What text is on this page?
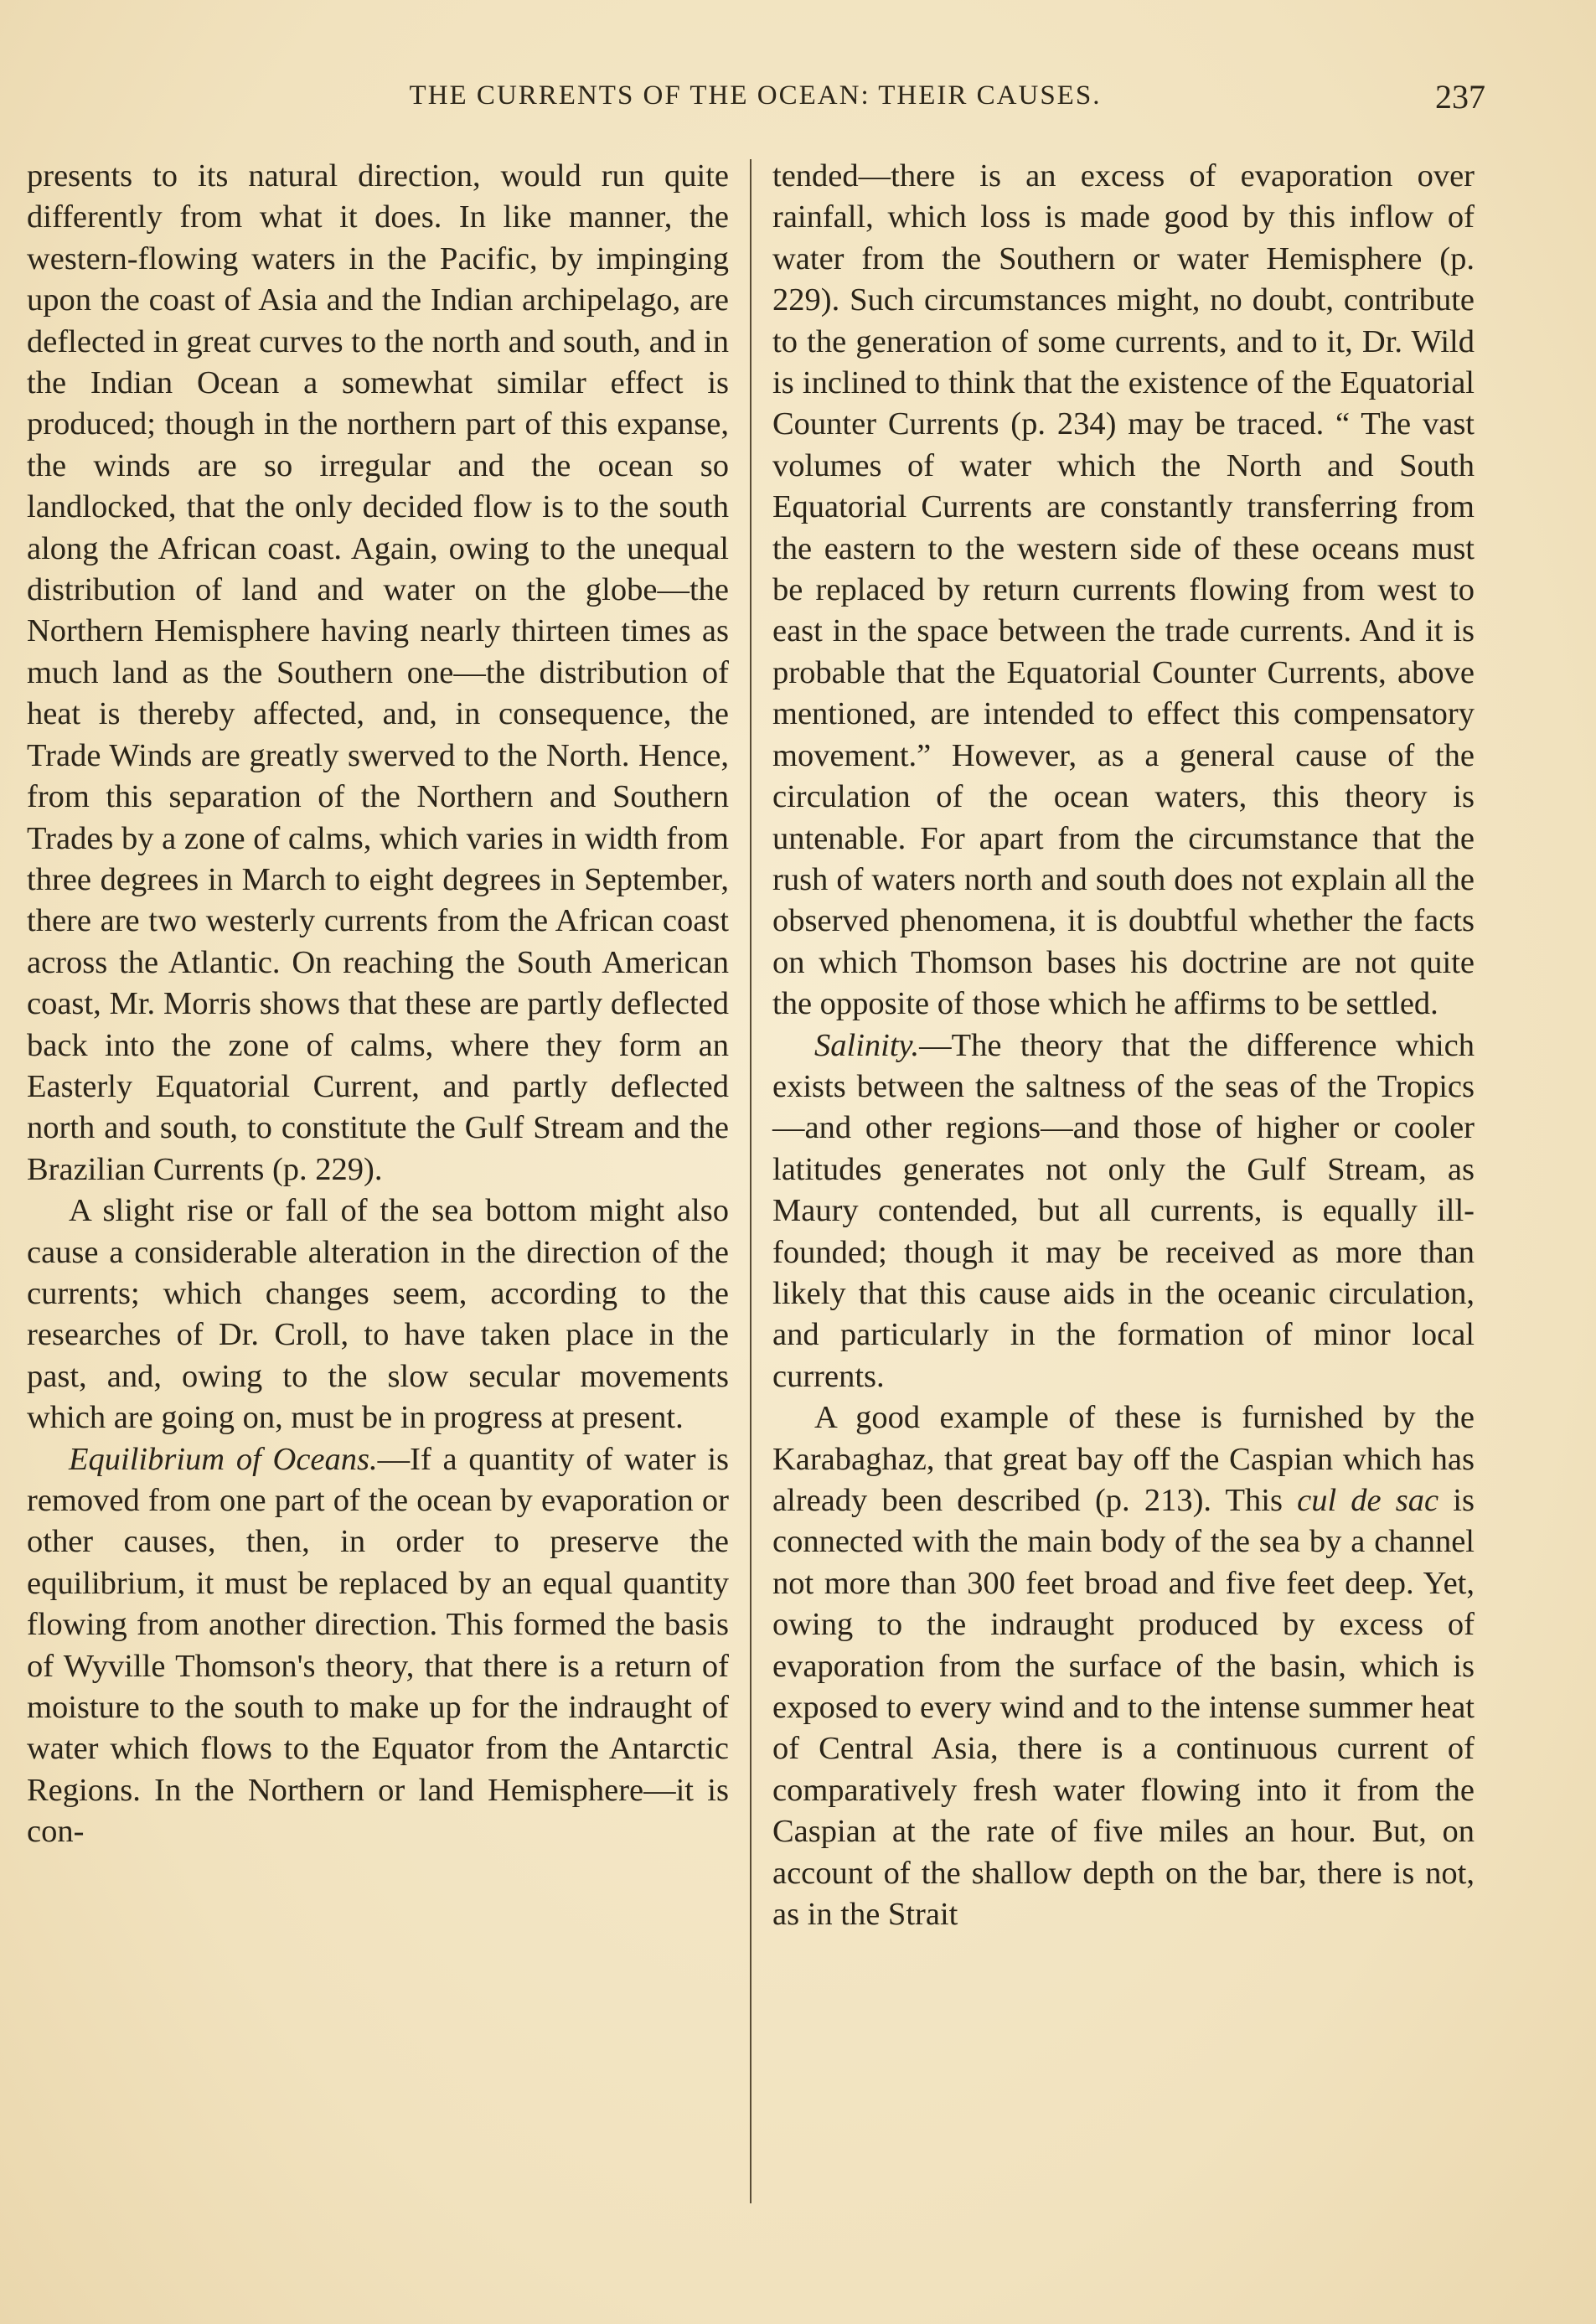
THE CURRENTS OF THE OCEAN: THEIR CAUSES.	237

presents to its natural direction, would run quite differently from what it does. In like manner, the western-flowing waters in the Pacific, by impinging upon the coast of Asia and the Indian archipelago, are deflected in great curves to the north and south, and in the Indian Ocean a somewhat similar effect is produced; though in the northern part of this expanse, the winds are so irregular and the ocean so landlocked, that the only decided flow is to the south along the African coast. Again, owing to the unequal distribution of land and water on the globe—the Northern Hemisphere having nearly thirteen times as much land as the Southern one—the distribution of heat is thereby affected, and, in consequence, the Trade Winds are greatly swerved to the North. Hence, from this separation of the Northern and Southern Trades by a zone of calms, which varies in width from three degrees in March to eight degrees in September, there are two westerly currents from the African coast across the Atlantic. On reaching the South American coast, Mr. Morris shows that these are partly deflected back into the zone of calms, where they form an Easterly Equatorial Current, and partly deflected north and south, to constitute the Gulf Stream and the Brazilian Currents (p. 229).

A slight rise or fall of the sea bottom might also cause a considerable alteration in the direction of the currents; which changes seem, according to the researches of Dr. Croll, to have taken place in the past, and, owing to the slow secular movements which are going on, must be in progress at present.

Equilibrium of Oceans.—If a quantity of water is removed from one part of the ocean by evaporation or other causes, then, in order to preserve the equilibrium, it must be replaced by an equal quantity flowing from another direction. This formed the basis of Wyville Thomson's theory, that there is a return of moisture to the south to make up for the indraught of water which flows to the Equator from the Antarctic Regions. In the Northern or land Hemisphere—it is con-

tended—there is an excess of evaporation over rainfall, which loss is made good by this inflow of water from the Southern or water Hemisphere (p. 229). Such circumstances might, no doubt, contribute to the generation of some currents, and to it, Dr. Wild is inclined to think that the existence of the Equatorial Counter Currents (p. 234) may be traced. “ The vast volumes of water which the North and South Equatorial Currents are constantly transferring from the eastern to the western side of these oceans must be replaced by return currents flowing from west to east in the space between the trade currents. And it is probable that the Equatorial Counter Currents, above mentioned, are intended to effect this compensatory movement.” However, as a general cause of the circulation of the ocean waters, this theory is untenable. For apart from the circumstance that the rush of waters north and south does not explain all the observed phenomena, it is doubtful whether the facts on which Thomson bases his doctrine are not quite the opposite of those which he affirms to be settled.

Salinity.—The theory that the difference which exists between the saltness of the seas of the Tropics—and other regions—and those of higher or cooler latitudes generates not only the Gulf Stream, as Maury contended, but all currents, is equally ill-founded; though it may be received as more than likely that this cause aids in the oceanic circulation, and particularly in the formation of minor local currents.

A good example of these is furnished by the Karabaghaz, that great bay off the Caspian which has already been described (p. 213). This cul de sac is connected with the main body of the sea by a channel not more than 300 feet broad and five feet deep. Yet, owing to the indraught produced by excess of evaporation from the surface of the basin, which is exposed to every wind and to the intense summer heat of Central Asia, there is a continuous current of comparatively fresh water flowing into it from the Caspian at the rate of five miles an hour. But, on account of the shallow depth on the bar, there is not, as in the Strait
